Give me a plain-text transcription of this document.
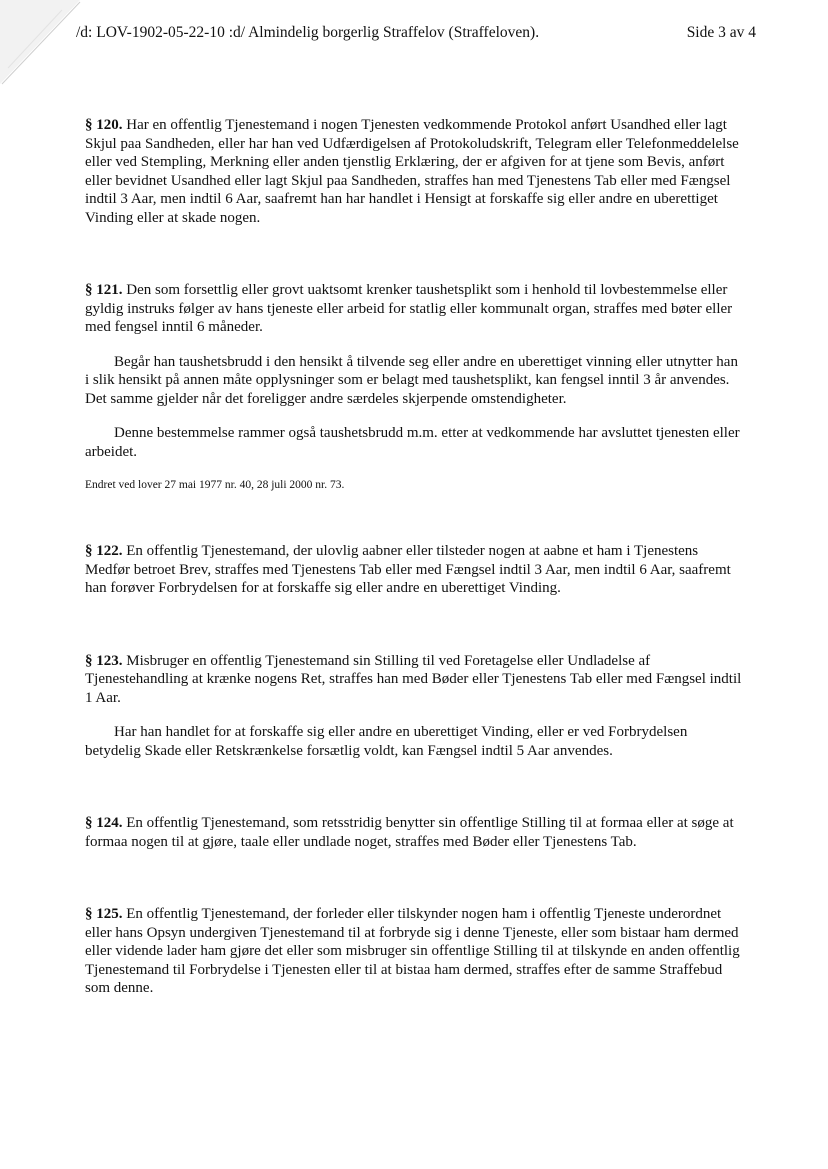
/d: LOV-1902-05-22-10 :d/ Almindelig borgerlig Straffelov (Straffeloven).	Side 3 av 4

§ 120. Har en offentlig Tjenestemand i nogen Tjenesten vedkommende Protokol anført Usandhed eller lagt Skjul paa Sandheden, eller har han ved Udfærdigelsen af Protokoludskrift, Telegram eller Telefonmeddelelse eller ved Stempling, Merkning eller anden tjenstlig Erklæring, der er afgiven for at tjene som Bevis, anført eller bevidnet Usandhed eller lagt Skjul paa Sandheden, straffes han med Tjenestens Tab eller med Fængsel indtil 3 Aar, men indtil 6 Aar, saafremt han har handlet i Hensigt at forskaffe sig eller andre en uberettiget Vinding eller at skade nogen.

§ 121. Den som forsettlig eller grovt uaktsomt krenker taushetsplikt som i henhold til lovbestemmelse eller gyldig instruks følger av hans tjeneste eller arbeid for statlig eller kommunalt organ, straffes med bøter eller med fengsel inntil 6 måneder.

Begår han taushetsbrudd i den hensikt å tilvende seg eller andre en uberettiget vinning eller utnytter han i slik hensikt på annen måte opplysninger som er belagt med taushetsplikt, kan fengsel inntil 3 år anvendes. Det samme gjelder når det foreligger andre særdeles skjerpende omstendigheter.

Denne bestemmelse rammer også taushetsbrudd m.m. etter at vedkommende har avsluttet tjenesten eller arbeidet.

Endret ved lover 27 mai 1977 nr. 40, 28 juli 2000 nr. 73.

§ 122. En offentlig Tjenestemand, der ulovlig aabner eller tilsteder nogen at aabne et ham i Tjenestens Medfør betroet Brev, straffes med Tjenestens Tab eller med Fængsel indtil 3 Aar, men indtil 6 Aar, saafremt han forøver Forbrydelsen for at forskaffe sig eller andre en uberettiget Vinding.

§ 123. Misbruger en offentlig Tjenestemand sin Stilling til ved Foretagelse eller Undladelse af Tjenestehandling at krænke nogens Ret, straffes han med Bøder eller Tjenestens Tab eller med Fængsel indtil 1 Aar.

Har han handlet for at forskaffe sig eller andre en uberettiget Vinding, eller er ved Forbrydelsen betydelig Skade eller Retskrænkelse forsætlig voldt, kan Fængsel indtil 5 Aar anvendes.

§ 124. En offentlig Tjenestemand, som retsstridig benytter sin offentlige Stilling til at formaa eller at søge at formaa nogen til at gjøre, taale eller undlade noget, straffes med Bøder eller Tjenestens Tab.

§ 125. En offentlig Tjenestemand, der forleder eller tilskynder nogen ham i offentlig Tjeneste underordnet eller hans Opsyn undergiven Tjenestemand til at forbryde sig i denne Tjeneste, eller som bistaar ham dermed eller vidende lader ham gjøre det eller som misbruger sin offentlige Stilling til at tilskynde en anden offentlig Tjenestemand til Forbrydelse i Tjenesten eller til at bistaa ham dermed, straffes efter de samme Straffebud som denne.
